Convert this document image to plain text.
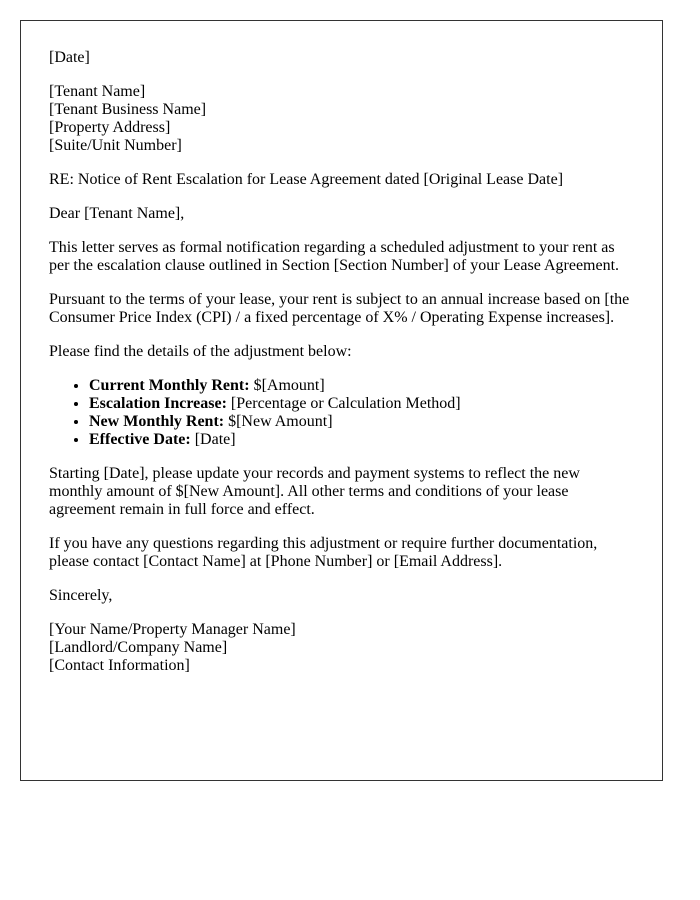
[Date]

[Tenant Name]

[Tenant Business Name]

[Property Address]

[Suite/Unit Number]

RE: Notice of Rent Escalation for Lease Agreement dated [Original Lease Date]

Dear [Tenant Name],

This letter serves as formal notification regarding a scheduled adjustment to your rent as per the escalation clause outlined in Section [Section Number] of your Lease Agreement.

Pursuant to the terms of your lease, your rent is subject to an annual increase based on [the Consumer Price Index (CPI) / a fixed percentage of X% / Operating Expense increases].

Please find the details of the adjustment below:

• Current Monthly Rent: $[Amount]
• Escalation Increase: [Percentage or Calculation Method]
• New Monthly Rent: $[New Amount]
• Effective Date: [Date]

Starting [Date], please update your records and payment systems to reflect the new monthly amount of $[New Amount]. All other terms and conditions of your lease agreement remain in full force and effect.

If you have any questions regarding this adjustment or require further documentation, please contact [Contact Name] at [Phone Number] or [Email Address].

Sincerely,

[Your Name/Property Manager Name]

[Landlord/Company Name]

[Contact Information]
